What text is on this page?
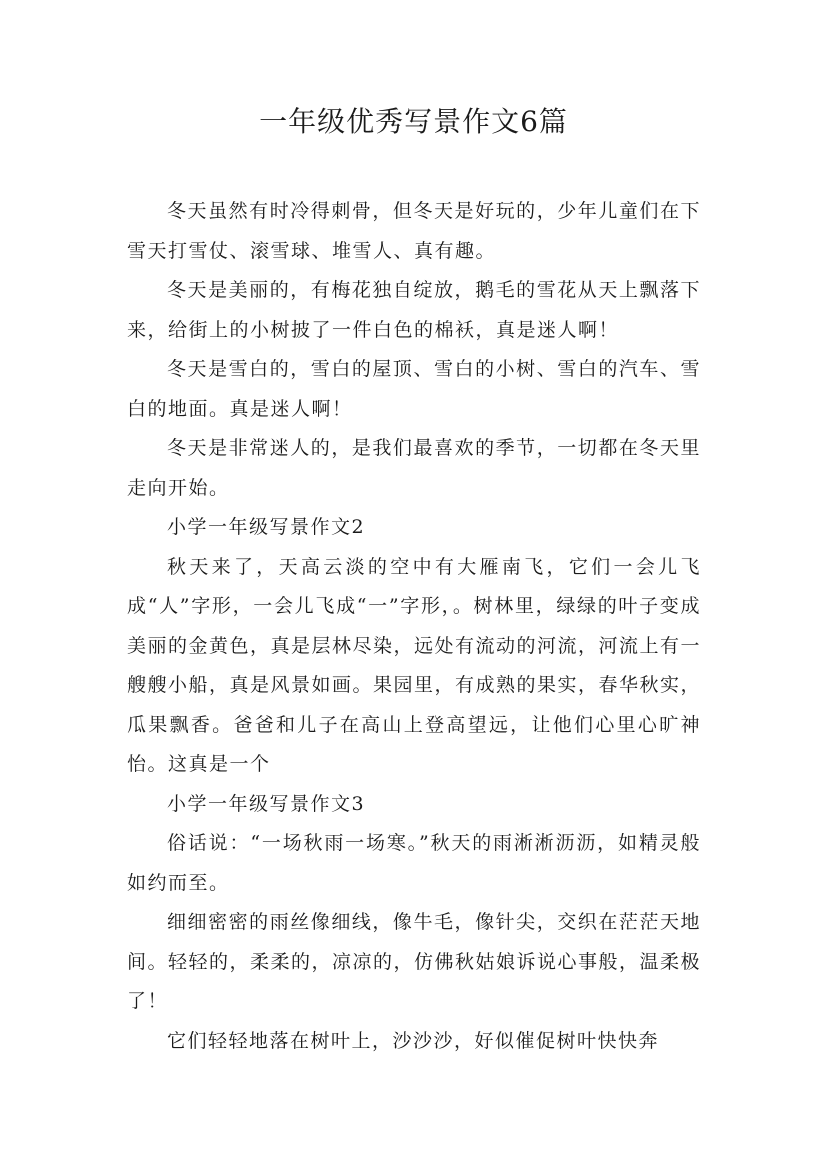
一年级优秀写景作文6篇

冬天虽然有时冷得刺骨，但冬天是好玩的，少年儿童们在下雪天打雪仗、滚雪球、堆雪人、真有趣。

冬天是美丽的，有梅花独自绽放，鹅毛的雪花从天上飘落下来，给街上的小树披了一件白色的棉袄，真是迷人啊！

冬天是雪白的，雪白的屋顶、雪白的小树、雪白的汽车、雪白的地面。真是迷人啊！

冬天是非常迷人的，是我们最喜欢的季节，一切都在冬天里走向开始。

小学一年级写景作文2

秋天来了，天高云淡的空中有大雁南飞，它们一会儿飞成“人”字形，一会儿飞成“一”字形，。树林里，绿绿的叶子变成美丽的金黄色，真是层林尽染，远处有流动的河流，河流上有一艘艘小船，真是风景如画。果园里，有成熟的果实，春华秋实，瓜果飘香。爸爸和儿子在高山上登高望远，让他们心里心旷神怡。这真是一个

小学一年级写景作文3

俗话说：“一场秋雨一场寒。”秋天的雨淅淅沥沥，如精灵般如约而至。

细细密密的雨丝像细线，像牛毛，像针尖，交织在茫茫天地间。轻轻的，柔柔的，凉凉的，仿佛秋姑娘诉说心事般，温柔极了！

它们轻轻地落在树叶上，沙沙沙，好似催促树叶快快奔
